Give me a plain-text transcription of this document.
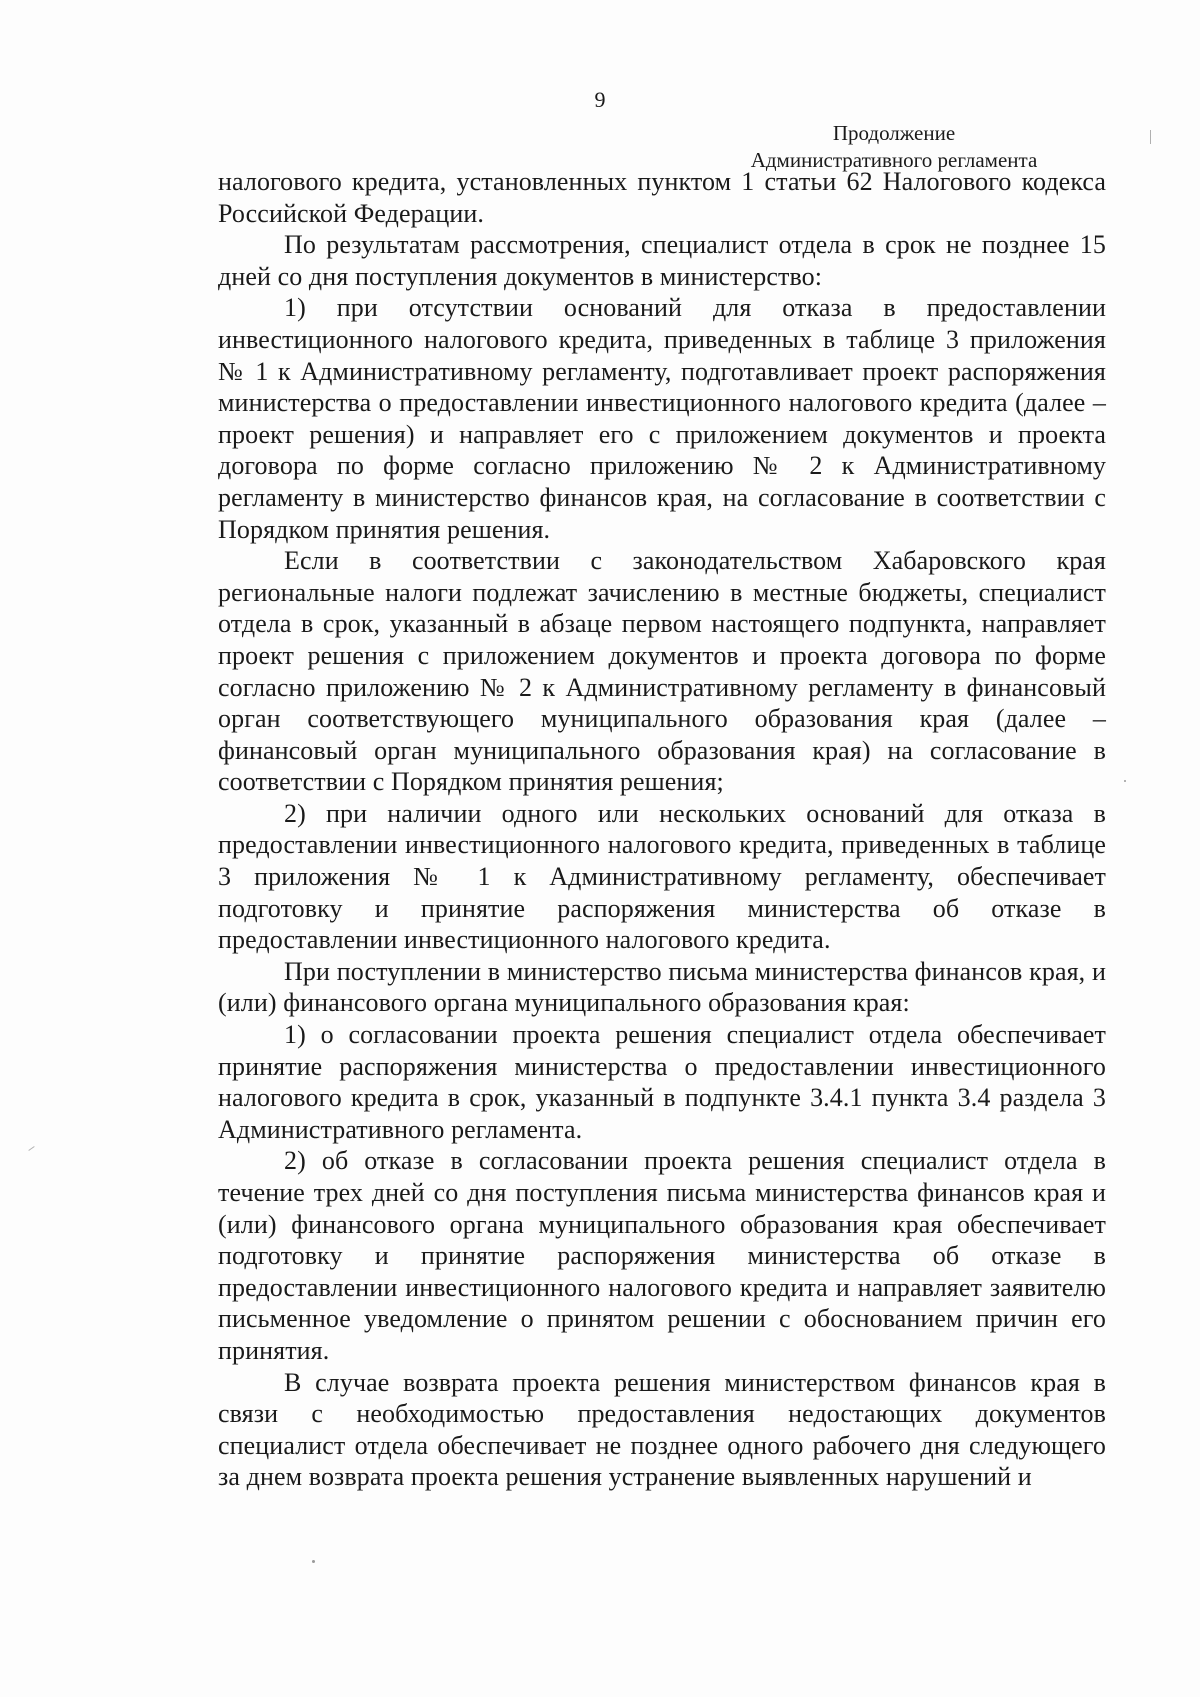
9
Продолжение
Административного регламента

налогового кредита, установленных пунктом 1 статьи 62 Налогового кодекса Российской Федерации.

По результатам рассмотрения, специалист отдела в срок не позднее 15 дней со дня поступления документов в министерство:

1) при отсутствии оснований для отказа в предоставлении инвестиционного налогового кредита, приведенных в таблице 3 приложения № 1 к Административному регламенту, подготавливает проект распоряжения министерства о предоставлении инвестиционного налогового кредита (далее – проект решения) и направляет его с приложением документов и проекта договора по форме согласно приложению № 2 к Административному регламенту в министерство финансов края, на согласование в соответствии с Порядком принятия решения.

Если в соответствии с законодательством Хабаровского края региональные налоги подлежат зачислению в местные бюджеты, специалист отдела в срок, указанный в абзаце первом настоящего подпункта, направляет проект решения с приложением документов и проекта договора по форме согласно приложению № 2 к Административному регламенту в финансовый орган соответствующего муниципального образования края (далее – финансовый орган муниципального образования края) на согласование в соответствии с Порядком принятия решения;

2) при наличии одного или нескольких оснований для отказа в предоставлении инвестиционного налогового кредита, приведенных в таблице 3 приложения № 1 к Административному регламенту, обеспечивает подготовку и принятие распоряжения министерства об отказе в предоставлении инвестиционного налогового кредита.

При поступлении в министерство письма министерства финансов края, и (или) финансового органа муниципального образования края:

1) о согласовании проекта решения специалист отдела обеспечивает принятие распоряжения министерства о предоставлении инвестиционного налогового кредита в срок, указанный в подпункте 3.4.1 пункта 3.4 раздела 3 Административного регламента.

2) об отказе в согласовании проекта решения специалист отдела в течение трех дней со дня поступления письма министерства финансов края и (или) финансового органа муниципального образования края обеспечивает подготовку и принятие распоряжения министерства об отказе в предоставлении инвестиционного налогового кредита и направляет заявителю письменное уведомление о принятом решении с обоснованием причин его принятия.

В случае возврата проекта решения министерством финансов края в связи с необходимостью предоставления недостающих документов специалист отдела обеспечивает не позднее одного рабочего дня следующего за днем возврата проекта решения устранение выявленных нарушений и
